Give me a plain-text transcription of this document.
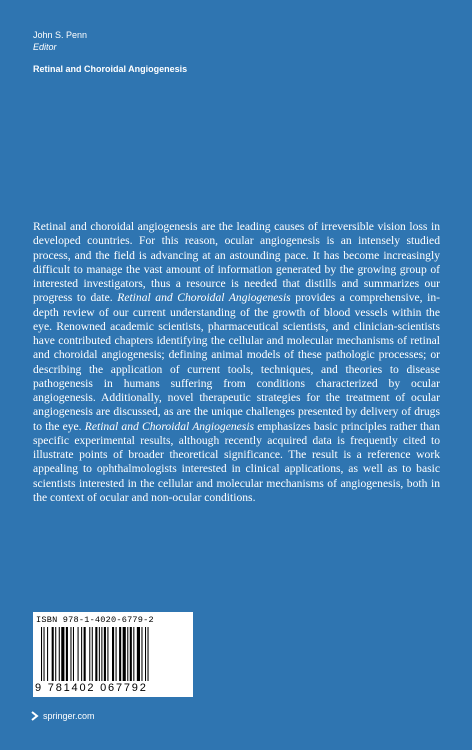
John S. Penn
Editor
Retinal and Choroidal Angiogenesis

Retinal and choroidal angiogenesis are the leading causes of irreversible vision loss in developed countries. For this reason, ocular angiogenesis is an intensely studied process, and the field is advancing at an astounding pace. It has become increasingly difficult to manage the vast amount of information generated by the growing group of interested investigators, thus a resource is needed that distills and summarizes our progress to date. Retinal and Choroidal Angiogenesis provides a comprehensive, in-depth review of our current understanding of the growth of blood vessels within the eye. Renowned academic scientists, pharmaceutical scientists, and clinician-scientists have contributed chapters identifying the cellular and molecular mechanisms of retinal and choroidal angiogenesis; defining animal models of these pathologic processes; or describing the application of current tools, techniques, and theories to disease pathogenesis in humans suffering from conditions characterized by ocular angiogenesis. Additionally, novel therapeutic strategies for the treatment of ocular angiogenesis are discussed, as are the unique challenges presented by delivery of drugs to the eye. Retinal and Choroidal Angiogenesis emphasizes basic principles rather than specific experimental results, although recently acquired data is frequently cited to illustrate points of broader theoretical significance. The result is a reference work appealing to ophthalmologists interested in clinical applications, as well as to basic scientists interested in the cellular and molecular mechanisms of angiogenesis, both in the context of ocular and non-ocular conditions.

ISBN 978-1-4020-6779-2
9 781402 067792
springer.com
